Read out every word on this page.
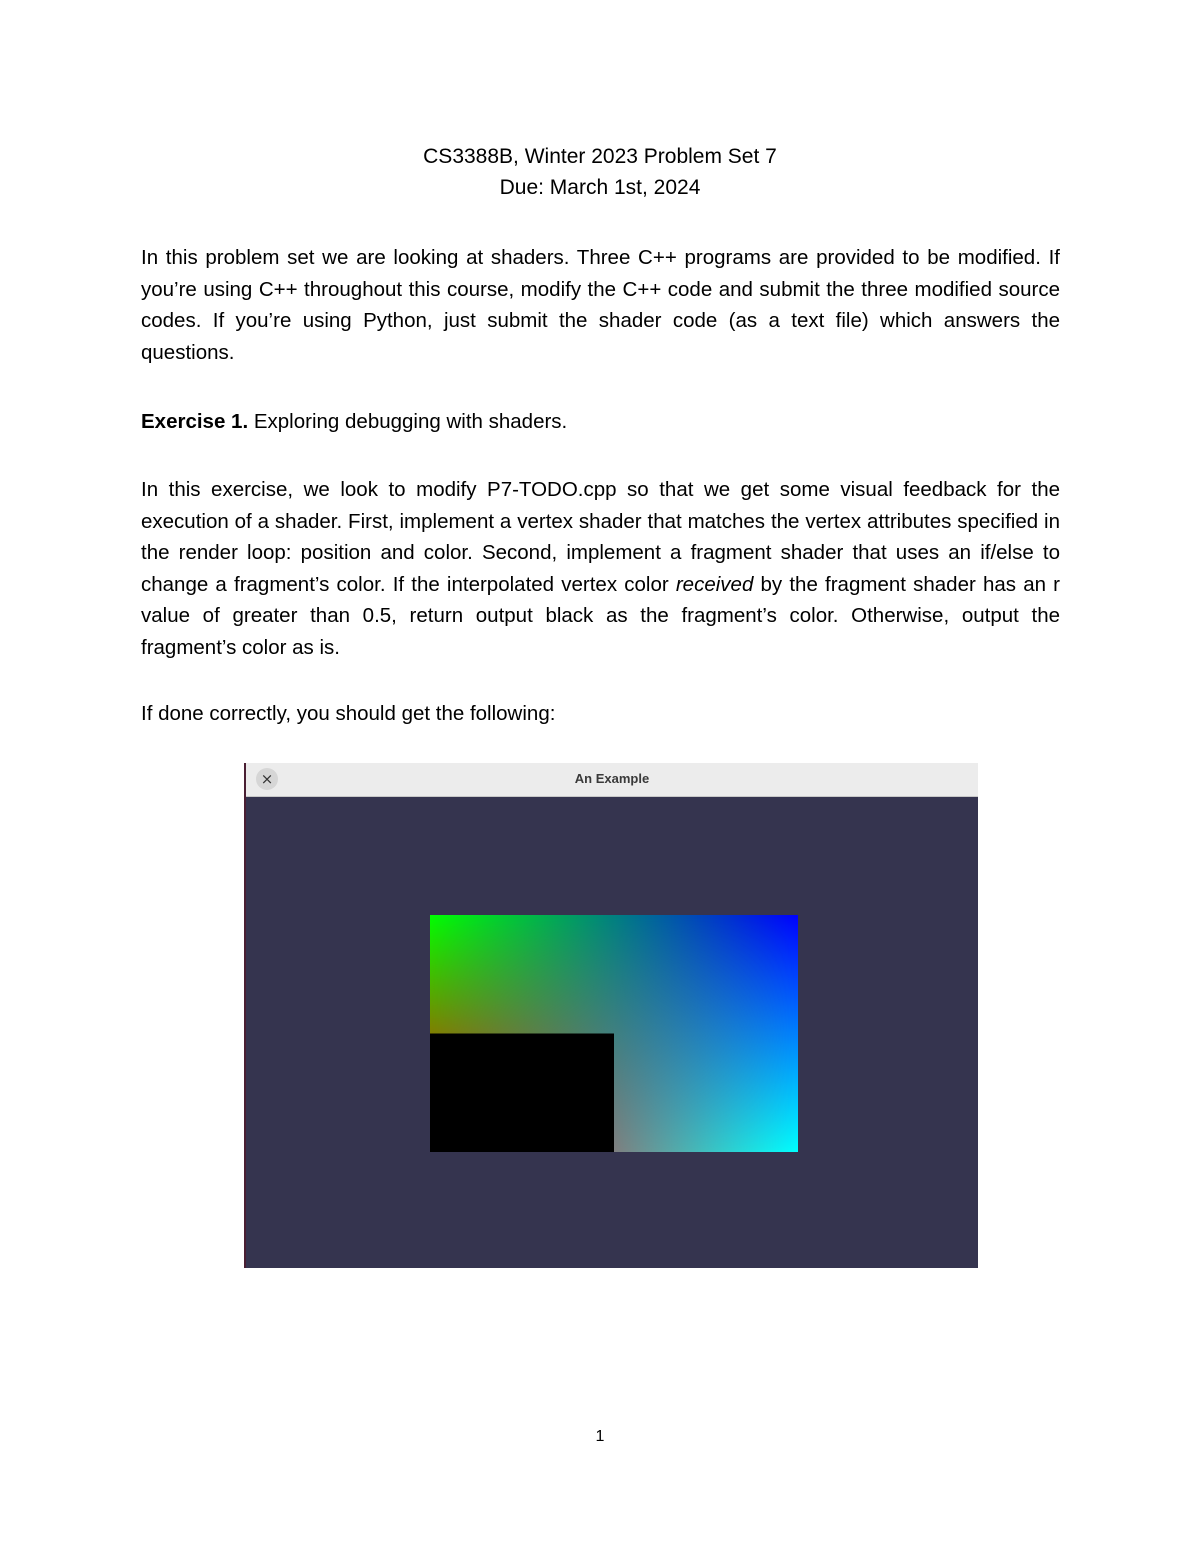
CS3388B, Winter 2023 Problem Set 7
Due: March 1st, 2024

In this problem set we are looking at shaders. Three C++ programs are provided to be modified. If you’re using C++ throughout this course, modify the C++ code and submit the three modified source codes. If you’re using Python, just submit the shader code (as a text file) which answers the questions.

Exercise 1. Exploring debugging with shaders.

In this exercise, we look to modify P7-TODO.cpp so that we get some visual feedback for the execution of a shader. First, implement a vertex shader that matches the vertex attributes specified in the render loop: position and color. Second, implement a fragment shader that uses an if/else to change a fragment’s color. If the interpolated vertex color received by the fragment shader has an r value of greater than 0.5, return output black as the fragment’s color. Otherwise, output the fragment’s color as is.

If done correctly, you should get the following:

×	An Example
1
